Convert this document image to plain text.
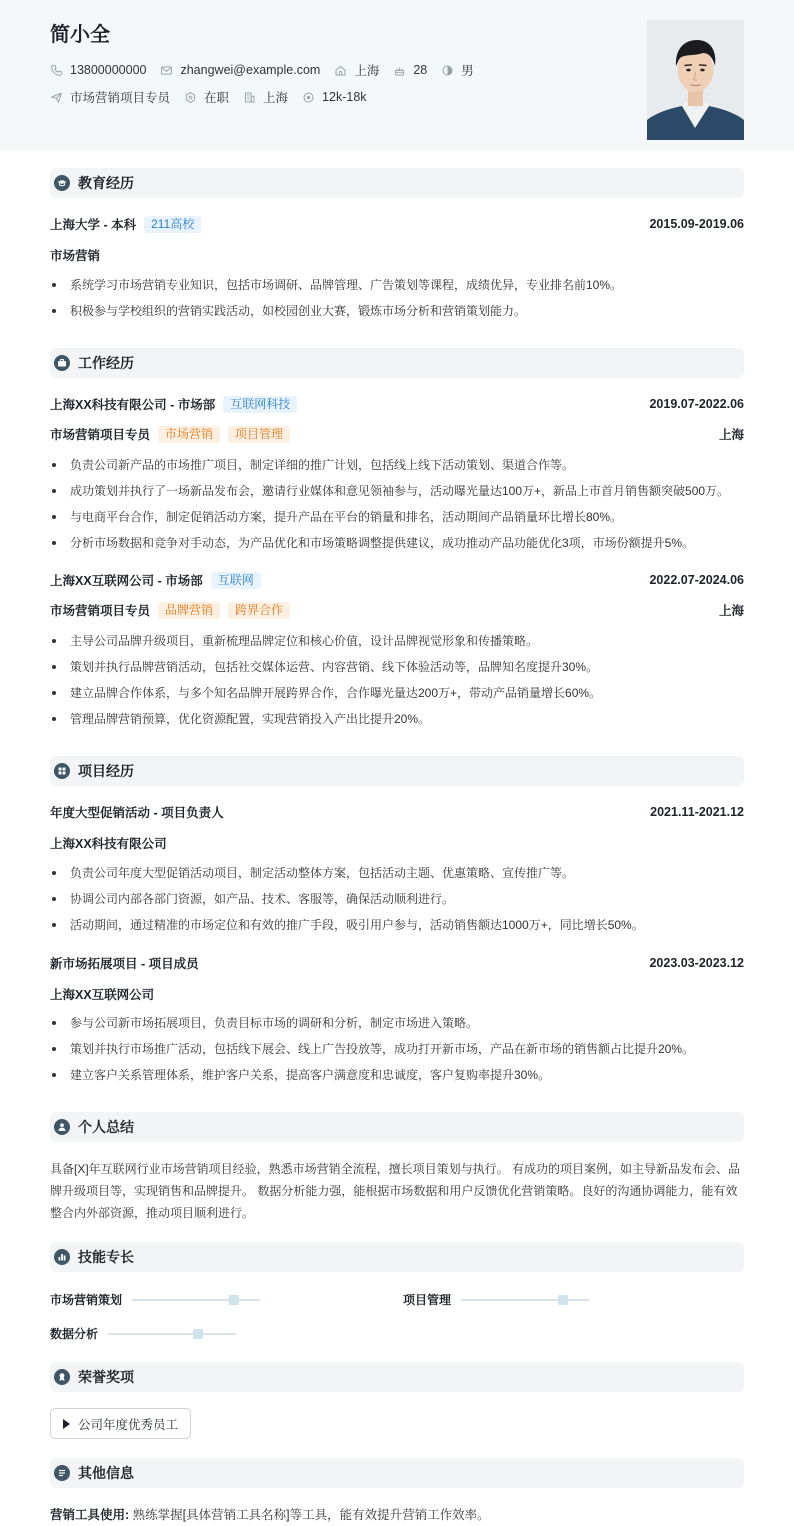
简小全
13800000000	zhangwei@example.com	上海	28	男
市场营销项目专员	在职	上海	12k-18k
教育经历
上海大学 - 本科	211高校	2015.09-2019.06
市场营销
系统学习市场营销专业知识，包括市场调研、品牌管理、广告策划等课程，成绩优异，专业排名前10%。
积极参与学校组织的营销实践活动，如校园创业大赛，锻炼市场分析和营销策划能力。
工作经历
上海XX科技有限公司 - 市场部	互联网科技	2019.07-2022.06
市场营销项目专员	市场营销	项目管理	上海
负责公司新产品的市场推广项目，制定详细的推广计划，包括线上线下活动策划、渠道合作等。
成功策划并执行了一场新品发布会，邀请行业媒体和意见领袖参与，活动曝光量达100万+，新品上市首月销售额突破500万。
与电商平台合作，制定促销活动方案，提升产品在平台的销量和排名，活动期间产品销量环比增长80%。
分析市场数据和竞争对手动态，为产品优化和市场策略调整提供建议，成功推动产品功能优化3项，市场份额提升5%。
上海XX互联网公司 - 市场部	互联网	2022.07-2024.06
市场营销项目专员	品牌营销	跨界合作	上海
主导公司品牌升级项目，重新梳理品牌定位和核心价值，设计品牌视觉形象和传播策略。
策划并执行品牌营销活动，包括社交媒体运营、内容营销、线下体验活动等，品牌知名度提升30%。
建立品牌合作体系，与多个知名品牌开展跨界合作，合作曝光量达200万+，带动产品销量增长60%。
管理品牌营销预算，优化资源配置，实现营销投入产出比提升20%。
项目经历
年度大型促销活动 - 项目负责人	2021.11-2021.12
上海XX科技有限公司
负责公司年度大型促销活动项目，制定活动整体方案，包括活动主题、优惠策略、宣传推广等。
协调公司内部各部门资源，如产品、技术、客服等，确保活动顺利进行。
活动期间，通过精准的市场定位和有效的推广手段，吸引用户参与，活动销售额达1000万+，同比增长50%。
新市场拓展项目 - 项目成员	2023.03-2023.12
上海XX互联网公司
参与公司新市场拓展项目，负责目标市场的调研和分析，制定市场进入策略。
策划并执行市场推广活动，包括线下展会、线上广告投放等，成功打开新市场，产品在新市场的销售额占比提升20%。
建立客户关系管理体系，维护客户关系，提高客户满意度和忠诚度，客户复购率提升30%。
个人总结
具备[X]年互联网行业市场营销项目经验，熟悉市场营销全流程，擅长项目策划与执行。 有成功的项目案例，如主导新品发布会、品牌升级项目等，实现销售和品牌提升。 数据分析能力强，能根据市场数据和用户反馈优化营销策略。良好的沟通协调能力，能有效整合内外部资源，推动项目顺利进行。
技能专长
市场营销策划	项目管理
数据分析
荣誉奖项
公司年度优秀员工
其他信息
营销工具使用: 熟练掌握[具体营销工具名称]等工具，能有效提升营销工作效率。
